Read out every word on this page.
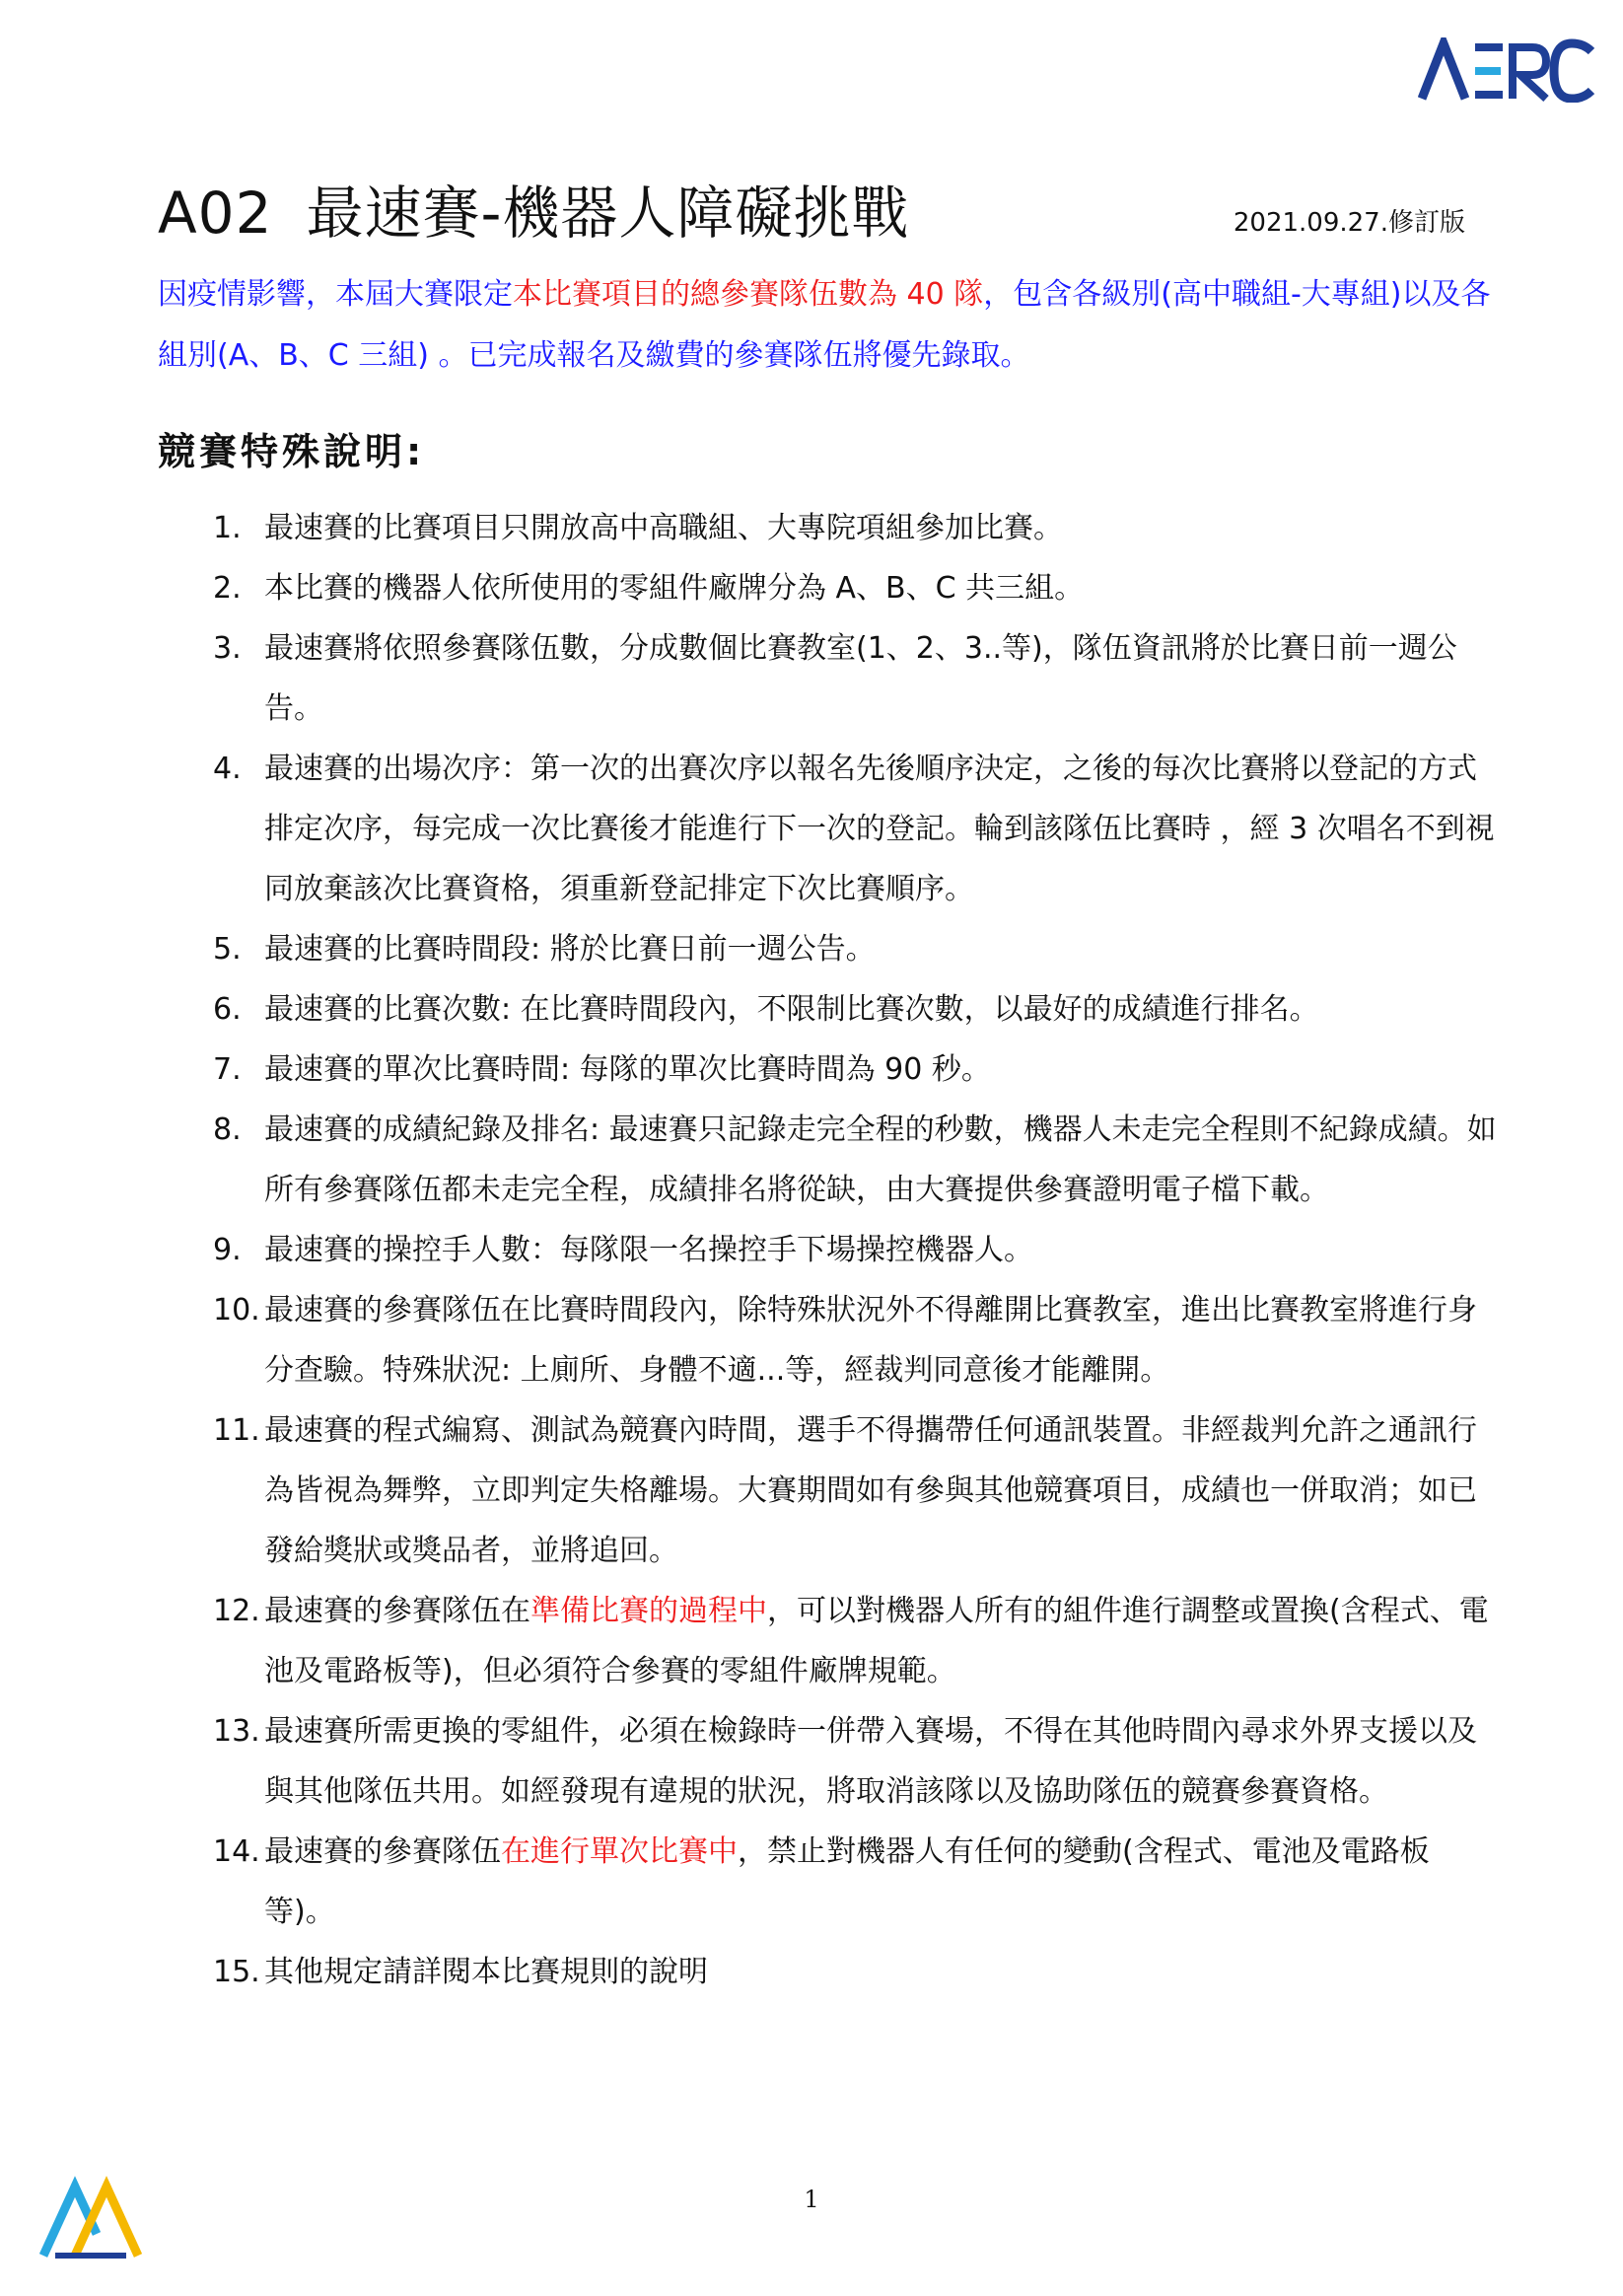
A02 最速賽-機器人障礙挑戰	2021.09.27.修訂版

因疫情影響，本屆大賽限定本比賽項目的總參賽隊伍數為 40 隊，包含各級別(高中職組-大專組)以及各組別(A、B、C 三組) 。已完成報名及繳費的參賽隊伍將優先錄取。

競賽特殊說明:
1. 最速賽的比賽項目只開放高中高職組、大專院項組參加比賽。
2. 本比賽的機器人依所使用的零組件廠牌分為 A、B、C 共三組。
3. 最速賽將依照參賽隊伍數，分成數個比賽教室(1、2、3..等)，隊伍資訊將於比賽日前一週公告。
4. 最速賽的出場次序：第一次的出賽次序以報名先後順序決定，之後的每次比賽將以登記的方式排定次序，每完成一次比賽後才能進行下一次的登記。輪到該隊伍比賽時 ，經 3 次唱名不到視同放棄該次比賽資格，須重新登記排定下次比賽順序。
5. 最速賽的比賽時間段: 將於比賽日前一週公告。
6. 最速賽的比賽次數: 在比賽時間段內，不限制比賽次數，以最好的成績進行排名。
7. 最速賽的單次比賽時間: 每隊的單次比賽時間為 90 秒。
8. 最速賽的成績紀錄及排名: 最速賽只記錄走完全程的秒數，機器人未走完全程則不紀錄成績。如所有參賽隊伍都未走完全程，成績排名將從缺，由大賽提供參賽證明電子檔下載。
9. 最速賽的操控手人數：每隊限一名操控手下場操控機器人。
10. 最速賽的參賽隊伍在比賽時間段內，除特殊狀況外不得離開比賽教室，進出比賽教室將進行身分查驗。特殊狀況: 上廁所、身體不適...等，經裁判同意後才能離開。
11. 最速賽的程式編寫、測試為競賽內時間，選手不得攜帶任何通訊裝置。非經裁判允許之通訊行為皆視為舞弊，立即判定失格離場。大賽期間如有參與其他競賽項目，成績也一併取消；如已發給獎狀或獎品者，並將追回。
12. 最速賽的參賽隊伍在準備比賽的過程中，可以對機器人所有的組件進行調整或置換(含程式、電池及電路板等)，但必須符合參賽的零組件廠牌規範。
13. 最速賽所需更換的零組件，必須在檢錄時一併帶入賽場，不得在其他時間內尋求外界支援以及與其他隊伍共用。如經發現有違規的狀況，將取消該隊以及協助隊伍的競賽參賽資格。
14. 最速賽的參賽隊伍在進行單次比賽中，禁止對機器人有任何的變動(含程式、電池及電路板等)。
15. 其他規定請詳閱本比賽規則的說明
1
